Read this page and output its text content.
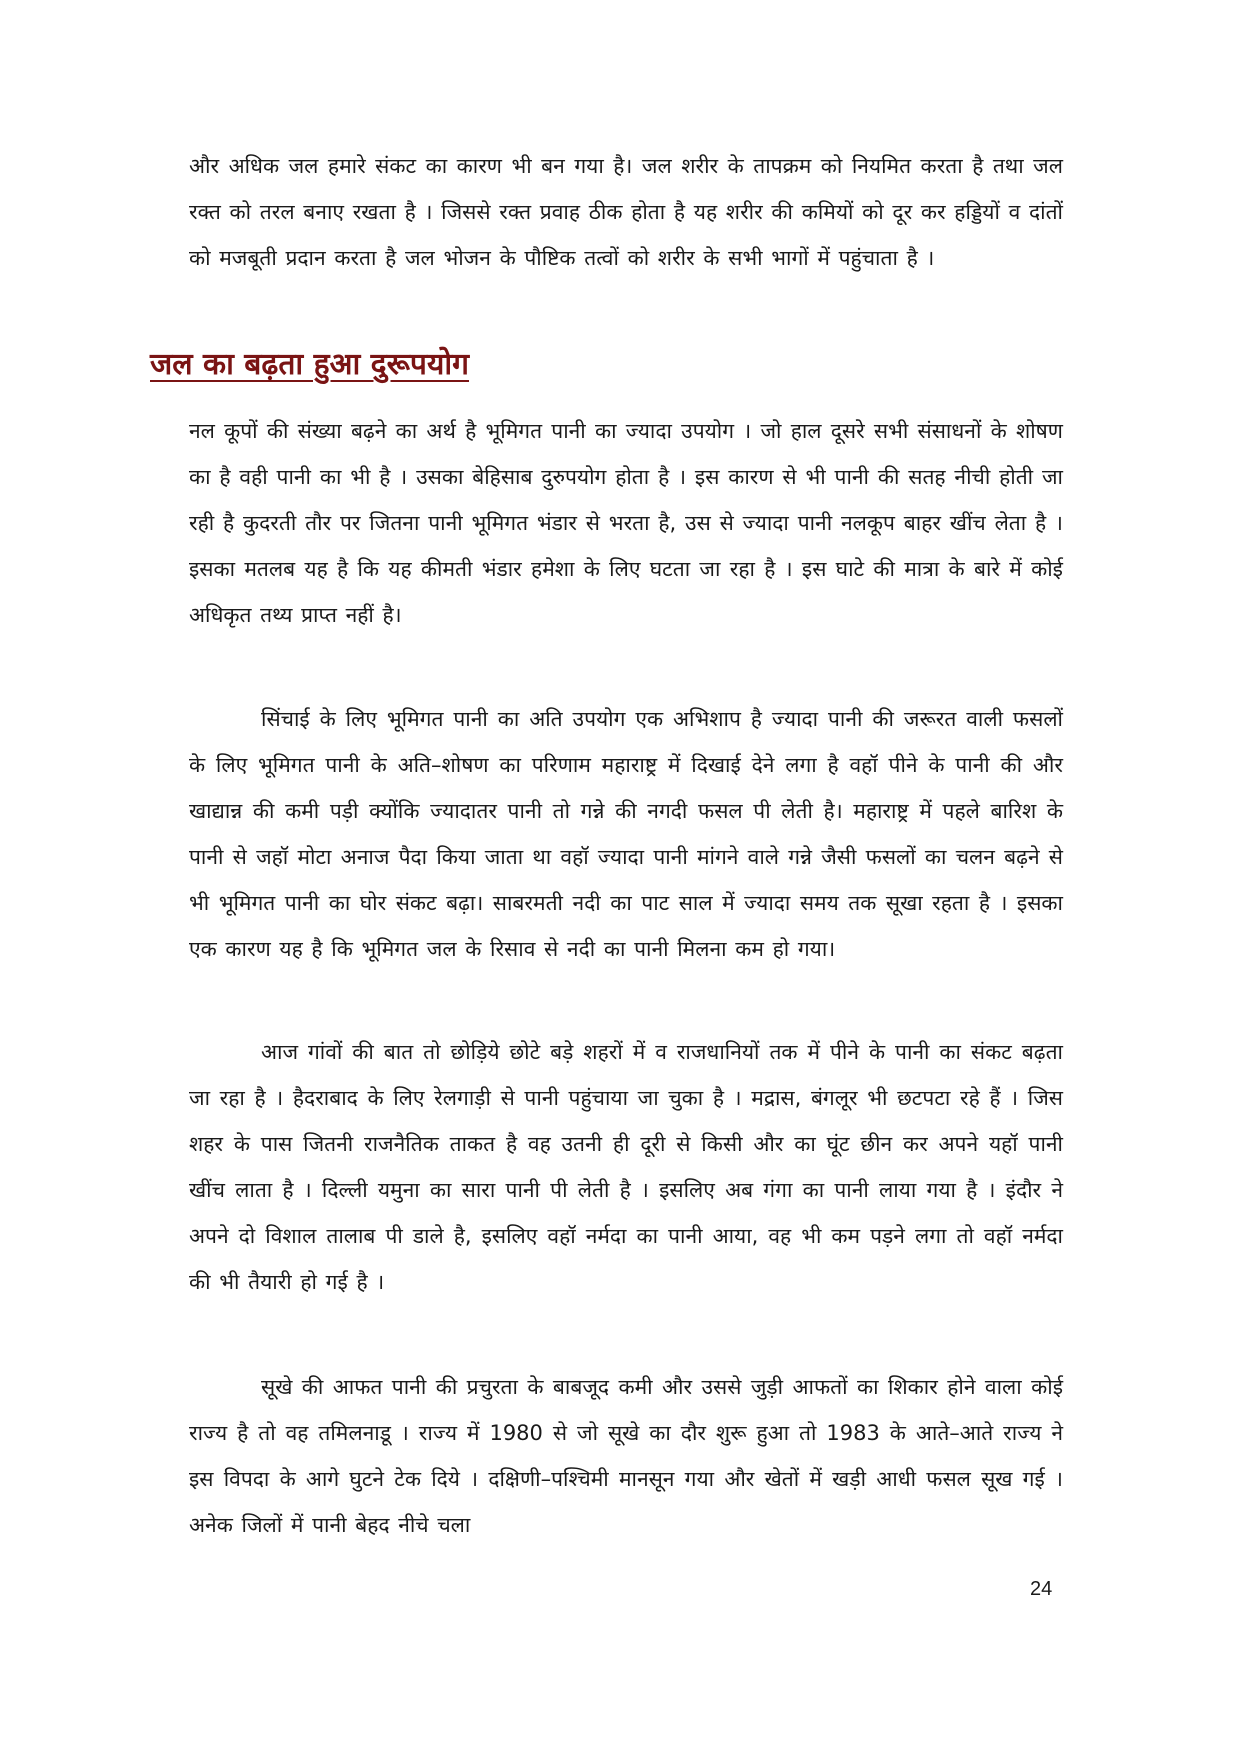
और अधिक जल हमारे संकट का कारण भी बन गया है। जल शरीर के तापक्रम को नियमित करता है तथा जल रक्त को तरल बनाए रखता है । जिससे रक्त प्रवाह ठीक होता है यह शरीर की कमियों को दूर कर हड्डियों व दांतों को मजबूती प्रदान करता है जल भोजन के पौष्टिक तत्वों को शरीर के सभी भागों में पहुंचाता है ।

जल का बढ़ता हुआ दुरूपयोग

नल कूपों की संख्या बढ़ने का अर्थ है भूमिगत पानी का ज्यादा उपयोग । जो हाल दूसरे सभी संसाधनों के शोषण का है वही पानी का भी है । उसका बेहिसाब दुरुपयोग होता है । इस कारण से भी पानी की सतह नीची होती जा रही है कुदरती तौर पर जितना पानी भूमिगत भंडार से भरता है, उस से ज्यादा पानी नलकूप बाहर खींच लेता है । इसका मतलब यह है कि यह कीमती भंडार हमेशा के लिए घटता जा रहा है । इस घाटे की मात्रा के बारे में कोई अधिकृत तथ्य प्राप्त नहीं है।

सिंचाई के लिए भूमिगत पानी का अति उपयोग एक अभिशाप है ज्यादा पानी की जरूरत वाली फसलों के लिए भूमिगत पानी के अति–शोषण का परिणाम महाराष्ट्र में दिखाई देने लगा है वहॉ पीने के पानी की और खाद्यान्न की कमी पड़ी क्योंकि ज्यादातर पानी तो गन्ने की नगदी फसल पी लेती है। महाराष्ट्र में पहले बारिश के पानी से जहॉ मोटा अनाज पैदा किया जाता था वहॉ ज्यादा पानी मांगने वाले गन्ने जैसी फसलों का चलन बढ़ने से भी भूमिगत पानी का घोर संकट बढ़ा। साबरमती नदी का पाट साल में ज्यादा समय तक सूखा रहता है । इसका एक कारण यह है कि भूमिगत जल के रिसाव से नदी का पानी मिलना कम हो गया।

आज गांवों की बात तो छोड़िये छोटे बड़े शहरों में व राजधानियों तक में पीने के पानी का संकट बढ़ता जा रहा है । हैदराबाद के लिए रेलगाड़ी से पानी पहुंचाया जा चुका है । मद्रास, बंगलूर भी छटपटा रहे हैं । जिस शहर के पास जितनी राजनैतिक ताकत है वह उतनी ही दूरी से किसी और का घूंट छीन कर अपने यहॉ पानी खींच लाता है । दिल्ली यमुना का सारा पानी पी लेती है । इसलिए अब गंगा का पानी लाया गया है । इंदौर ने अपने दो विशाल तालाब पी डाले है, इसलिए वहॉ नर्मदा का पानी आया, वह भी कम पड़ने लगा तो वहॉ नर्मदा की भी तैयारी हो गई है ।

सूखे की आफत पानी की प्रचुरता के बाबजूद कमी और उससे जुड़ी आफतों का शिकार होने वाला कोई राज्य है तो वह तमिलनाडू । राज्य में 1980 से जो सूखे का दौर शुरू हुआ तो 1983 के आते–आते राज्य ने इस विपदा के आगे घुटने टेक दिये । दक्षिणी–पश्चिमी मानसून गया और खेतों में खड़ी आधी फसल सूख गई । अनेक जिलों में पानी बेहद नीचे चला

24
